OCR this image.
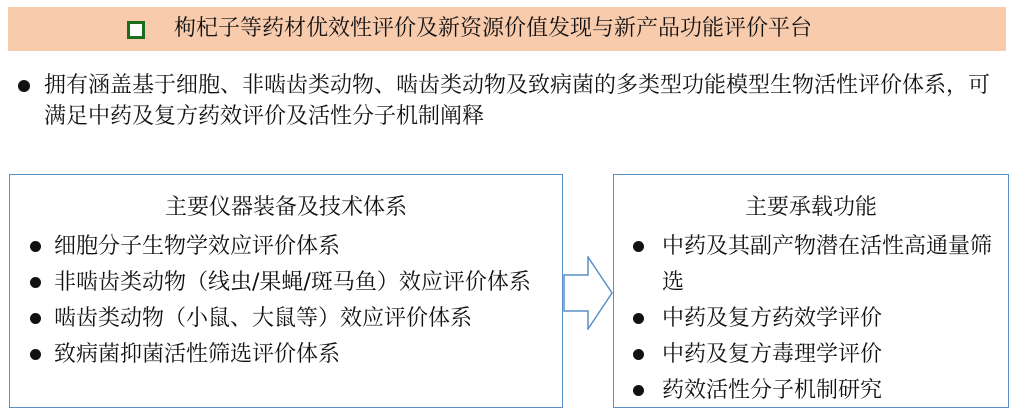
枸杞子等药材优效性评价及新资源价值发现与新产品功能评价平台
拥有涵盖基于细胞、非啮齿类动物、啮齿类动物及致病菌的多类型功能模型生物活性评价体系，可满足中药及复方药效评价及活性分子机制阐释
主要仪器装备及技术体系
细胞分子生物学效应评价体系
非啮齿类动物（线虫/果蝇/斑马鱼）效应评价体系
啮齿类动物（小鼠、大鼠等）效应评价体系
致病菌抑菌活性筛选评价体系
主要承载功能
中药及其副产物潜在活性高通量筛选
中药及复方药效学评价
中药及复方毒理学评价
药效活性分子机制研究
